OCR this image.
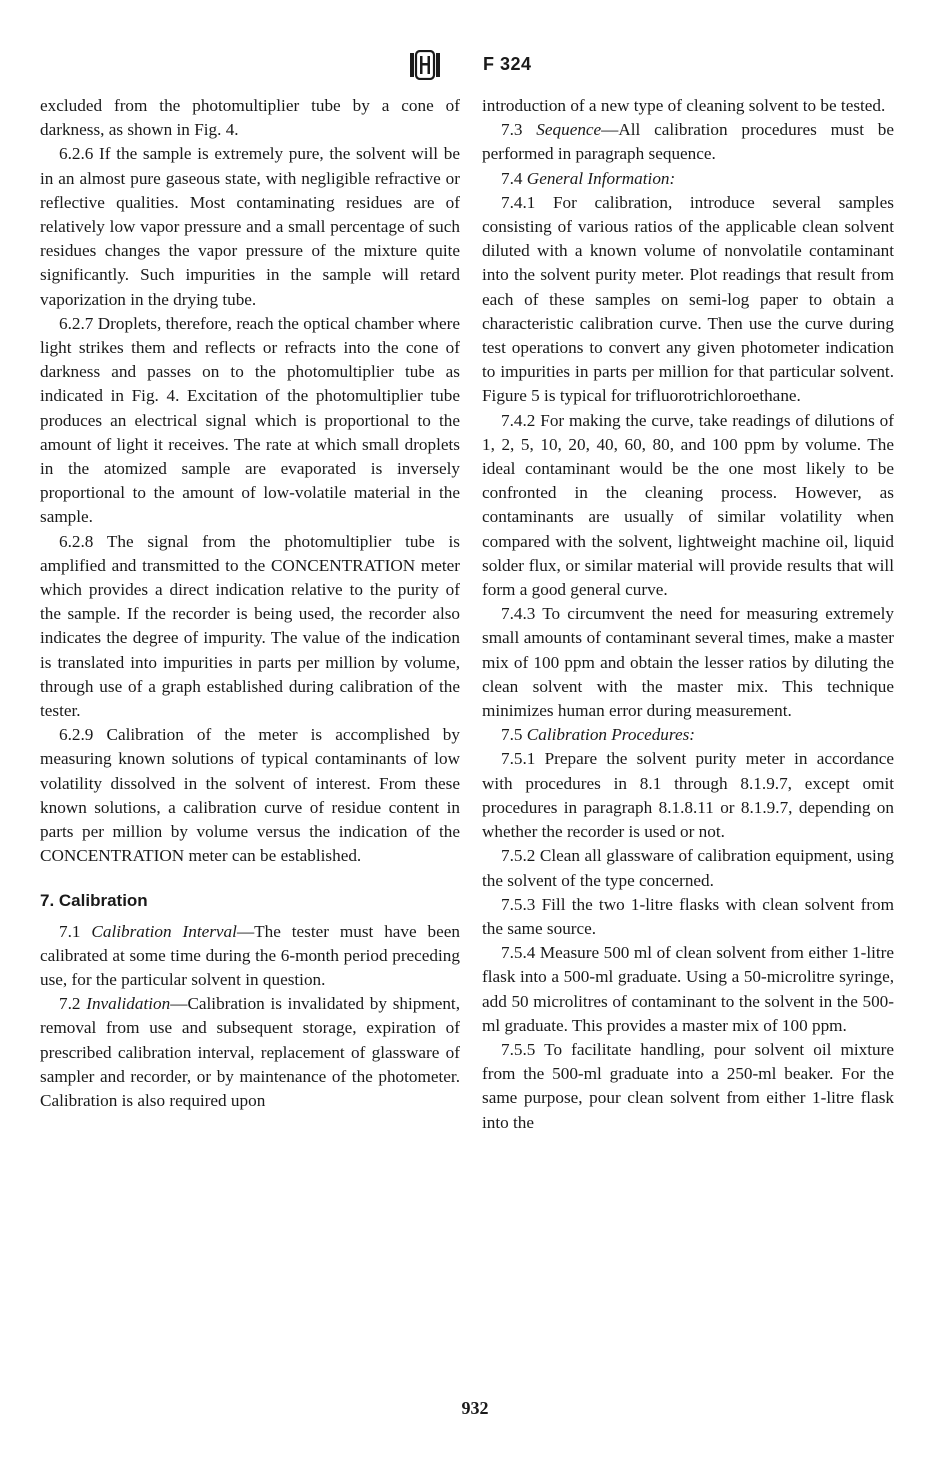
F 324

excluded from the photomultiplier tube by a cone of darkness, as shown in Fig. 4.

6.2.6 If the sample is extremely pure, the solvent will be in an almost pure gaseous state, with negligible refractive or reflective qualities. Most contaminating residues are of relatively low vapor pressure and a small percentage of such residues changes the vapor pressure of the mixture quite significantly. Such impurities in the sample will retard vaporization in the drying tube.

6.2.7 Droplets, therefore, reach the optical chamber where light strikes them and reflects or refracts into the cone of darkness and passes on to the photomultiplier tube as indicated in Fig. 4. Excitation of the photomultiplier tube produces an electrical signal which is proportional to the amount of light it receives. The rate at which small droplets in the atomized sample are evaporated is inversely proportional to the amount of low-volatile material in the sample.

6.2.8 The signal from the photomultiplier tube is amplified and transmitted to the CONCENTRATION meter which provides a direct indication relative to the purity of the sample. If the recorder is being used, the recorder also indicates the degree of impurity. The value of the indication is translated into impurities in parts per million by volume, through use of a graph established during calibration of the tester.

6.2.9 Calibration of the meter is accomplished by measuring known solutions of typical contaminants of low volatility dissolved in the solvent of interest. From these known solutions, a calibration curve of residue content in parts per million by volume versus the indication of the CONCENTRATION meter can be established.

7. Calibration

7.1 Calibration Interval—The tester must have been calibrated at some time during the 6-month period preceding use, for the particular solvent in question.

7.2 Invalidation—Calibration is invalidated by shipment, removal from use and subsequent storage, expiration of prescribed calibration interval, replacement of glassware of sampler and recorder, or by maintenance of the photometer. Calibration is also required upon

introduction of a new type of cleaning solvent to be tested.

7.3 Sequence—All calibration procedures must be performed in paragraph sequence.

7.4 General Information:

7.4.1 For calibration, introduce several samples consisting of various ratios of the applicable clean solvent diluted with a known volume of nonvolatile contaminant into the solvent purity meter. Plot readings that result from each of these samples on semi-log paper to obtain a characteristic calibration curve. Then use the curve during test operations to convert any given photometer indication to impurities in parts per million for that particular solvent. Figure 5 is typical for trifluorotrichloroethane.

7.4.2 For making the curve, take readings of dilutions of 1, 2, 5, 10, 20, 40, 60, 80, and 100 ppm by volume. The ideal contaminant would be the one most likely to be confronted in the cleaning process. However, as contaminants are usually of similar volatility when compared with the solvent, lightweight machine oil, liquid solder flux, or similar material will provide results that will form a good general curve.

7.4.3 To circumvent the need for measuring extremely small amounts of contaminant several times, make a master mix of 100 ppm and obtain the lesser ratios by diluting the clean solvent with the master mix. This technique minimizes human error during measurement.

7.5 Calibration Procedures:

7.5.1 Prepare the solvent purity meter in accordance with procedures in 8.1 through 8.1.9.7, except omit procedures in paragraph 8.1.8.11 or 8.1.9.7, depending on whether the recorder is used or not.

7.5.2 Clean all glassware of calibration equipment, using the solvent of the type concerned.

7.5.3 Fill the two 1-litre flasks with clean solvent from the same source.

7.5.4 Measure 500 ml of clean solvent from either 1-litre flask into a 500-ml graduate. Using a 50-microlitre syringe, add 50 microlitres of contaminant to the solvent in the 500-ml graduate. This provides a master mix of 100 ppm.

7.5.5 To facilitate handling, pour solvent oil mixture from the 500-ml graduate into a 250-ml beaker. For the same purpose, pour clean solvent from either 1-litre flask into the

932
